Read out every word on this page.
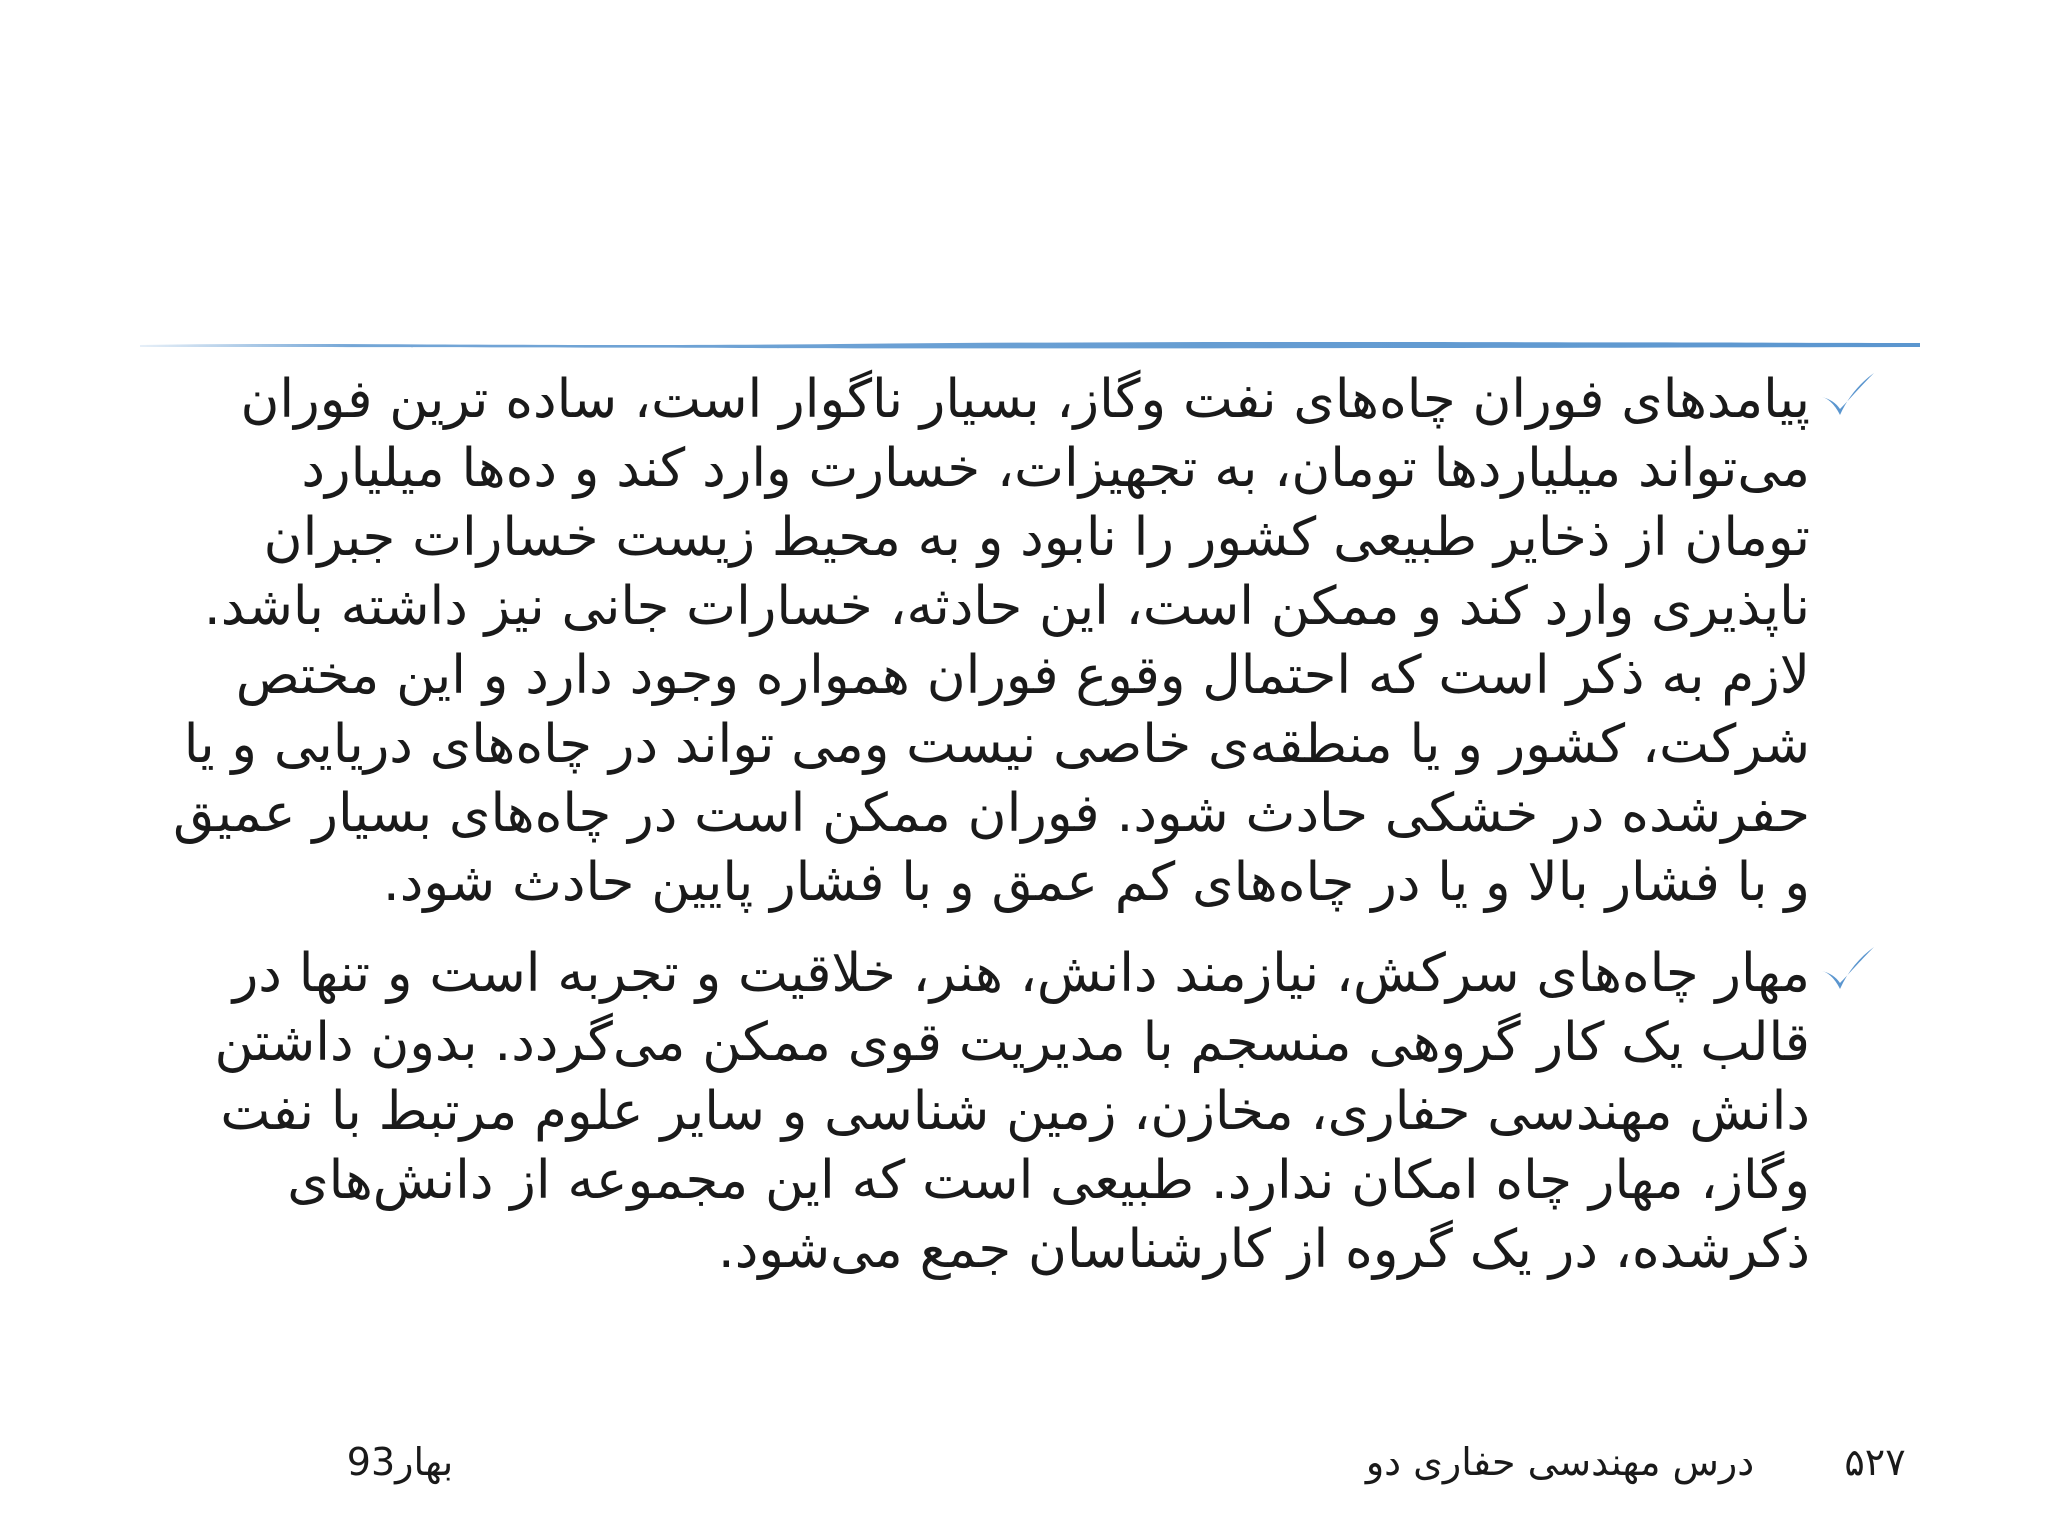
پیامدهای فوران چاه‌های نفت وگاز، بسیار ناگوار است، ساده ترین فوران
می‌تواند میلیاردها تومان، به تجهیزات، خسارت وارد کند و ده‌ها میلیارد
تومان از ذخایر طبیعی کشور را نابود و به محیط زیست خسارات جبران
ناپذیری وارد کند و ممکن است، این حادثه، خسارات جانی نیز داشته باشد.
لازم به ذکر است که احتمال وقوع فوران همواره وجود دارد و این مختص
شرکت، کشور و یا منطقه‌ی خاصی نیست ومی تواند در چاه‌های دریایی و یا
حفرشده در خشکی حادث شود. فوران ممکن است در چاه‌های بسیار عمیق
و با فشار بالا و یا در چاه‌های کم عمق و با فشار پایین حادث شود.

مهار چاه‌های سرکش، نیازمند دانش، هنر، خلاقیت و تجربه است و تنها در
قالب یک کار گروهی منسجم با مدیریت قوی ممکن می‌گردد. بدون داشتن
دانش مهندسی حفاری، مخازن، زمین شناسی و سایر علوم مرتبط با نفت
وگاز، مهار چاه امکان ندارد. طبیعی است که این مجموعه از دانش‌های
ذکرشده، در یک گروه از کارشناسان جمع می‌شود.

۵۲۷
درس مهندسی حفاری دو
بهار93
